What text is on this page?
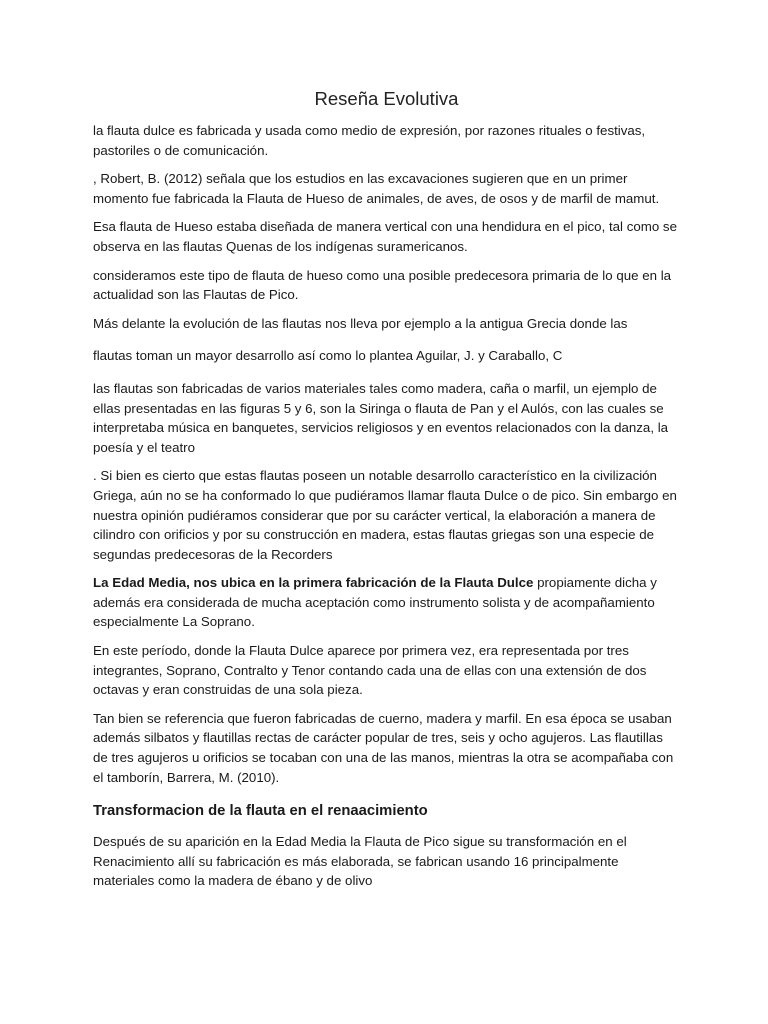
Reseña Evolutiva

la flauta dulce es fabricada y usada como medio de expresión, por razones rituales o festivas, pastoriles o de comunicación.

, Robert, B. (2012) señala que los estudios en las excavaciones sugieren que en un primer momento fue fabricada la Flauta de Hueso de animales, de aves, de osos y de marfil de mamut.

Esa flauta de Hueso estaba diseñada de manera vertical con una hendidura en el pico, tal como se observa en las flautas Quenas de los indígenas suramericanos.

consideramos este tipo de flauta de hueso como una posible predecesora primaria de lo que en la actualidad son las Flautas de Pico.

Más delante la evolución de las flautas nos lleva por ejemplo a la antigua Grecia donde las

flautas toman un mayor desarrollo así como lo plantea Aguilar, J. y Caraballo, C

las flautas son fabricadas de varios materiales tales como madera, caña o marfil, un ejemplo de ellas presentadas en las figuras 5 y 6, son la Siringa o flauta de Pan y el Aulós, con las cuales se interpretaba música en banquetes, servicios religiosos y en eventos relacionados con la danza, la poesía y el teatro

. Si bien es cierto que estas flautas poseen un notable desarrollo característico en la civilización Griega, aún no se ha conformado lo que pudiéramos llamar flauta Dulce o de pico. Sin embargo en nuestra opinión pudiéramos considerar que por su carácter vertical, la elaboración a manera de cilindro con orificios y por su construcción en madera, estas flautas griegas son una especie de segundas predecesoras de la Recorders

La Edad Media, nos ubica en la primera fabricación de la Flauta Dulce propiamente dicha y además era considerada de mucha aceptación como instrumento solista y de acompañamiento especialmente La Soprano.

En este período, donde la Flauta Dulce aparece por primera vez, era representada por tres integrantes, Soprano, Contralto y Tenor contando cada una de ellas con una extensión de dos octavas y eran construidas de una sola pieza.

Tan bien se referencia que fueron fabricadas de cuerno, madera y marfil. En esa época se usaban además silbatos y flautillas rectas de carácter popular de tres, seis y ocho agujeros. Las flautillas de tres agujeros u orificios se tocaban con una de las manos, mientras la otra se acompañaba con el tamborín, Barrera, M. (2010).

Transformacion de la flauta en el renaacimiento

Después de su aparición en la Edad Media la Flauta de Pico sigue su transformación en el Renacimiento allí su fabricación es más elaborada, se fabrican usando 16 principalmente materiales como la madera de ébano y de olivo
